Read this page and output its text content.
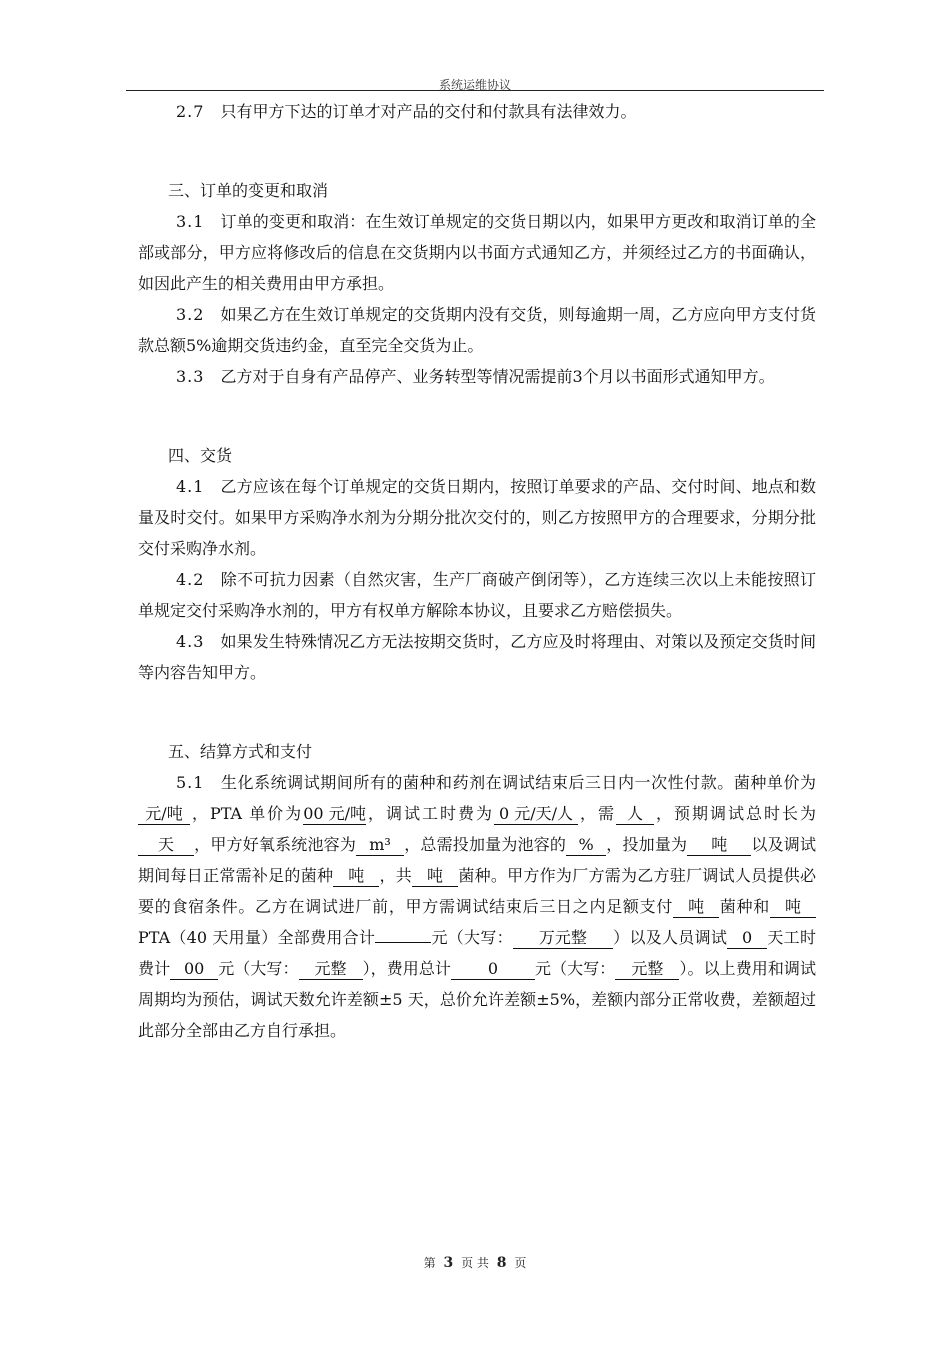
系统运维协议

2.7 只有甲方下达的订单才对产品的交付和付款具有法律效力。

三、订单的变更和取消

3.1 订单的变更和取消：在生效订单规定的交货日期以内，如果甲方更改和取消订单的全部或部分，甲方应将修改后的信息在交货期内以书面方式通知乙方，并须经过乙方的书面确认，如因此产生的相关费用由甲方承担。

3.2 如果乙方在生效订单规定的交货期内没有交货，则每逾期一周，乙方应向甲方支付货款总额5%逾期交货违约金，直至完全交货为止。

3.3 乙方对于自身有产品停产、业务转型等情况需提前3个月以书面形式通知甲方。

四、交货

4.1 乙方应该在每个订单规定的交货日期内，按照订单要求的产品、交付时间、地点和数量及时交付。如果甲方采购净水剂为分期分批次交付的，则乙方按照甲方的合理要求，分期分批交付采购净水剂。

4.2 除不可抗力因素（自然灾害，生产厂商破产倒闭等），乙方连续三次以上未能按照订单规定交付采购净水剂的，甲方有权单方解除本协议，且要求乙方赔偿损失。

4.3 如果发生特殊情况乙方无法按期交货时，乙方应及时将理由、对策以及预定交货时间等内容告知甲方。

五、结算方式和支付

5.1 生化系统调试期间所有的菌种和药剂在调试结束后三日内一次性付款。菌种单价为元/吨 ，PTA 单价为00 元/吨，调试工时费为 0 元/天/人 ，需 人 ，预期调试总时长为天 ，甲方好氧系统池容为 m³ ，总需投加量为池容的 % ，投加量为 吨 以及调试期间每日正常需补足的菌种 吨 ，共 吨 菌种。甲方作为厂方需为乙方驻厂调试人员提供必要的食宿条件。乙方在调试进厂前，甲方需调试结束后三日之内足额支付 吨 菌种和 吨PTA（40 天用量）全部费用合计	元（大写： 万元整 ）以及人员调试 0 天工时费计 00 元（大写： 元整 ），费用总计 0 元（大写： 元整 ）。以上费用和调试周期均为预估，调试天数允许差额±5 天，总价允许差额±5%，差额内部分正常收费，差额超过此部分全部由乙方自行承担。

第 3 页 共 8 页
